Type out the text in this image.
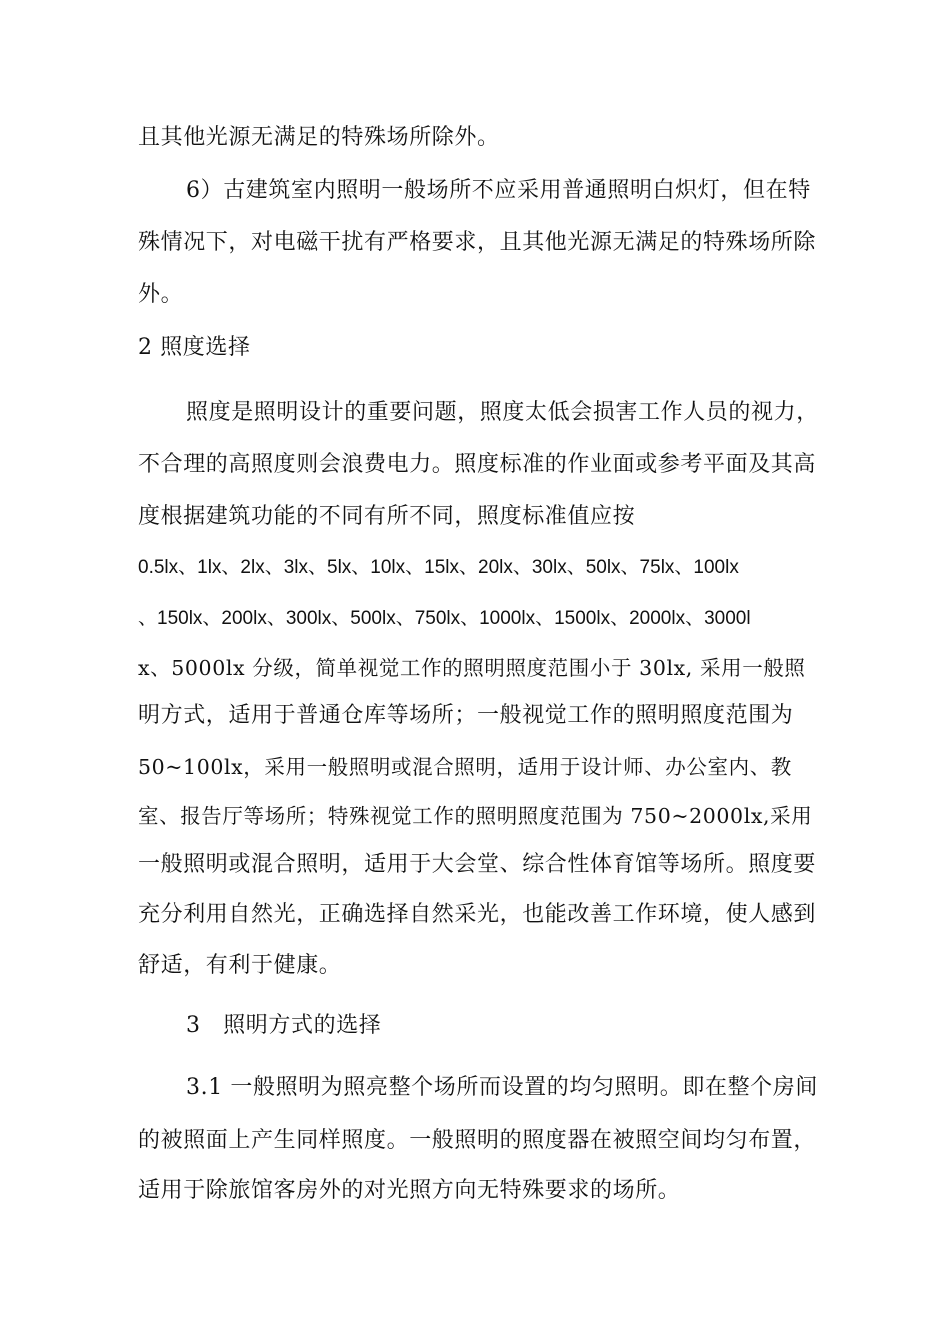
且其他光源无满足的特殊场所除外。
6）古建筑室内照明一般场所不应采用普通照明白炽灯，但在特
殊情况下，对电磁干扰有严格要求，且其他光源无满足的特殊场所除
外。
2 照度选择
照度是照明设计的重要问题，照度太低会损害工作人员的视力，
不合理的高照度则会浪费电力。照度标准的作业面或参考平面及其高
度根据建筑功能的不同有所不同，照度标准值应按
0.5lx、1lx、2lx、3lx、5lx、10lx、15lx、20lx、30lx、50lx、75lx、100lx
、150lx、200lx、300lx、500lx、750lx、1000lx、1500lx、2000lx、3000l
x、5000lx 分级，简单视觉工作的照明照度范围小于 30lx, 采用一般照
明方式，适用于普通仓库等场所；一般视觉工作的照明照度范围为
50~100lx，采用一般照明或混合照明，适用于设计师、办公室内、教
室、报告厅等场所；特殊视觉工作的照明照度范围为 750~2000lx,采用
一般照明或混合照明，适用于大会堂、综合性体育馆等场所。照度要
充分利用自然光，正确选择自然采光，也能改善工作环境，使人感到
舒适，有利于健康。
3　照明方式的选择
3.1 一般照明为照亮整个场所而设置的均匀照明。即在整个房间
的被照面上产生同样照度。一般照明的照度器在被照空间均匀布置，
适用于除旅馆客房外的对光照方向无特殊要求的场所。
